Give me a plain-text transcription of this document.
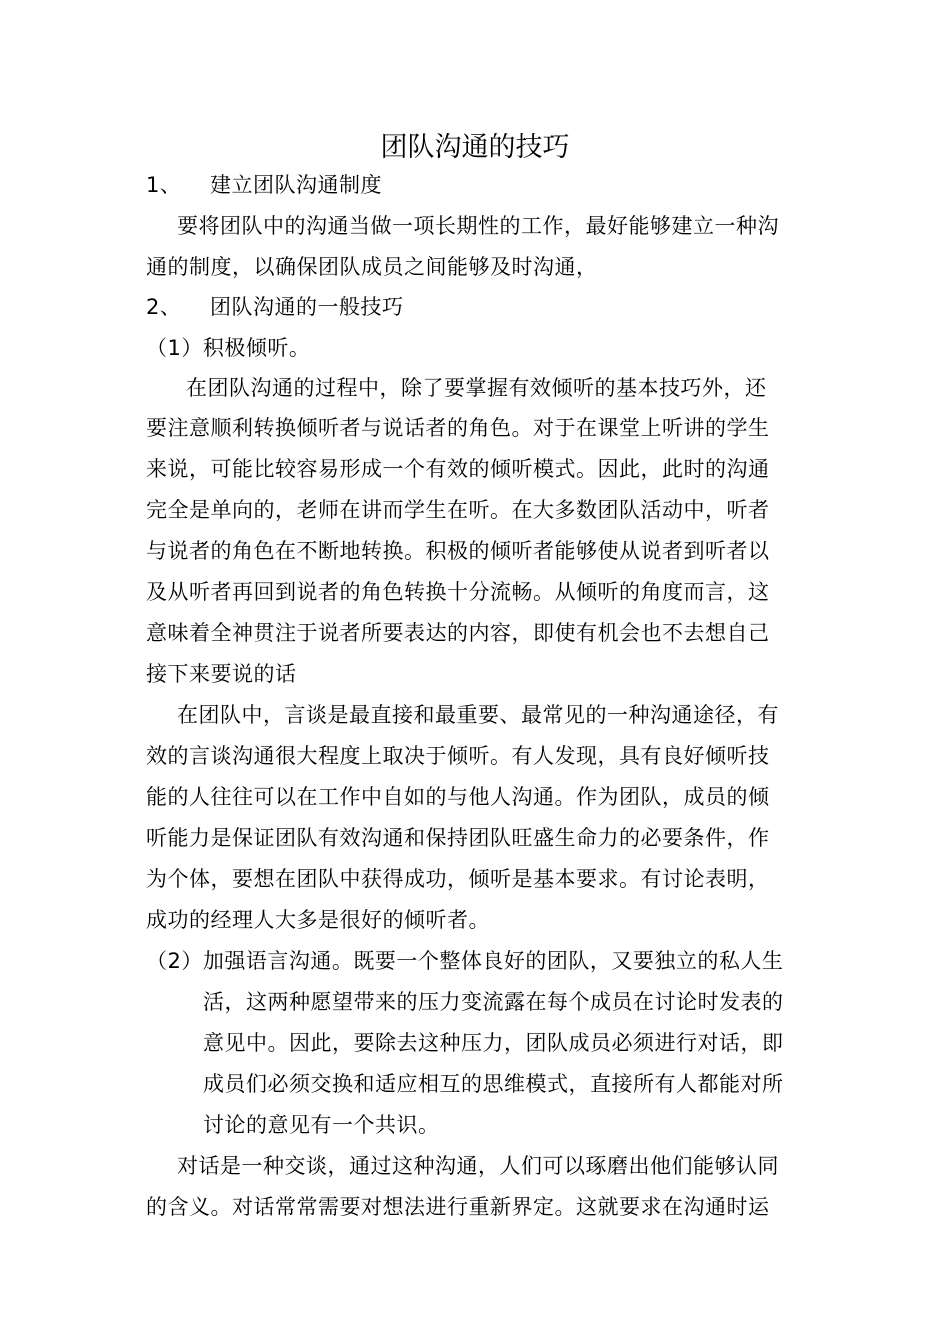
团队沟通的技巧
1、 建立团队沟通制度
要将团队中的沟通当做一项长期性的工作，最好能够建立一种沟
通的制度，以确保团队成员之间能够及时沟通，
2、 团队沟通的一般技巧
（1）积极倾听。
在团队沟通的过程中，除了要掌握有效倾听的基本技巧外，还
要注意顺利转换倾听者与说话者的角色。对于在课堂上听讲的学生
来说，可能比较容易形成一个有效的倾听模式。因此，此时的沟通
完全是单向的，老师在讲而学生在听。在大多数团队活动中，听者
与说者的角色在不断地转换。积极的倾听者能够使从说者到听者以
及从听者再回到说者的角色转换十分流畅。从倾听的角度而言，这
意味着全神贯注于说者所要表达的内容，即使有机会也不去想自己
接下来要说的话
在团队中，言谈是最直接和最重要、最常见的一种沟通途径，有
效的言谈沟通很大程度上取决于倾听。有人发现，具有良好倾听技
能的人往往可以在工作中自如的与他人沟通。作为团队，成员的倾
听能力是保证团队有效沟通和保持团队旺盛生命力的必要条件，作
为个体，要想在团队中获得成功，倾听是基本要求。有讨论表明，
成功的经理人大多是很好的倾听者。
（2）加强语言沟通。既要一个整体良好的团队，又要独立的私人生
活，这两种愿望带来的压力变流露在每个成员在讨论时发表的
意见中。因此，要除去这种压力，团队成员必须进行对话，即
成员们必须交换和适应相互的思维模式，直接所有人都能对所
讨论的意见有一个共识。
对话是一种交谈，通过这种沟通，人们可以琢磨出他们能够认同
的含义。对话常常需要对想法进行重新界定。这就要求在沟通时运
